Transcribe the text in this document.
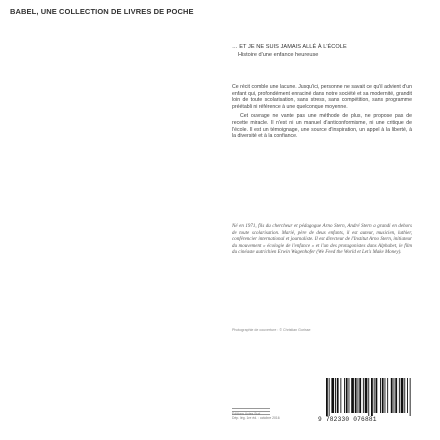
BABEL, UNE COLLECTION DE LIVRES DE POCHE
… ET JE NE SUIS JAMAIS ALLÉ À L'ÉCOLE
Histoire d'une enfance heureuse

Ce récit comble une lacune. Jusqu'ici, personne ne savait ce qu'il advient d'un enfant qui, profondément enraciné dans notre société et sa modernité, grandit loin de toute scolarisation, sans stress, sans compétition, sans programme préétabli ni référence à une quelconque moyenne.

Cet ouvrage ne vante pas une méthode de plus, ne propose pas de recette miracle. Il n'est ni un manuel d'anticonformisme, ni une critique de l'école. Il est un témoignage, une source d'inspiration, un appel à la liberté, à la diversité et à la confiance.

Né en 1971, fils du chercheur et pédagogue Arno Stern, André Stern a grandi en dehors de toute scolarisation. Marié, père de deux enfants, il est auteur, musicien, luthier, conférencier international et journaliste. Il est directeur de l'Institut Arno Stern, initiateur du mouvement « écologie de l'enfance » et l'un des protagonistes dans Alphabet, le film du cinéaste autrichien Erwin Wagenhofer (We Feed the World et Let's Make Money).
Photographie de couverture : © Christian Gorisse
Editions Actes Sud
Dép. lég. 1re éd. : octobre 2016	9 782330 076881
